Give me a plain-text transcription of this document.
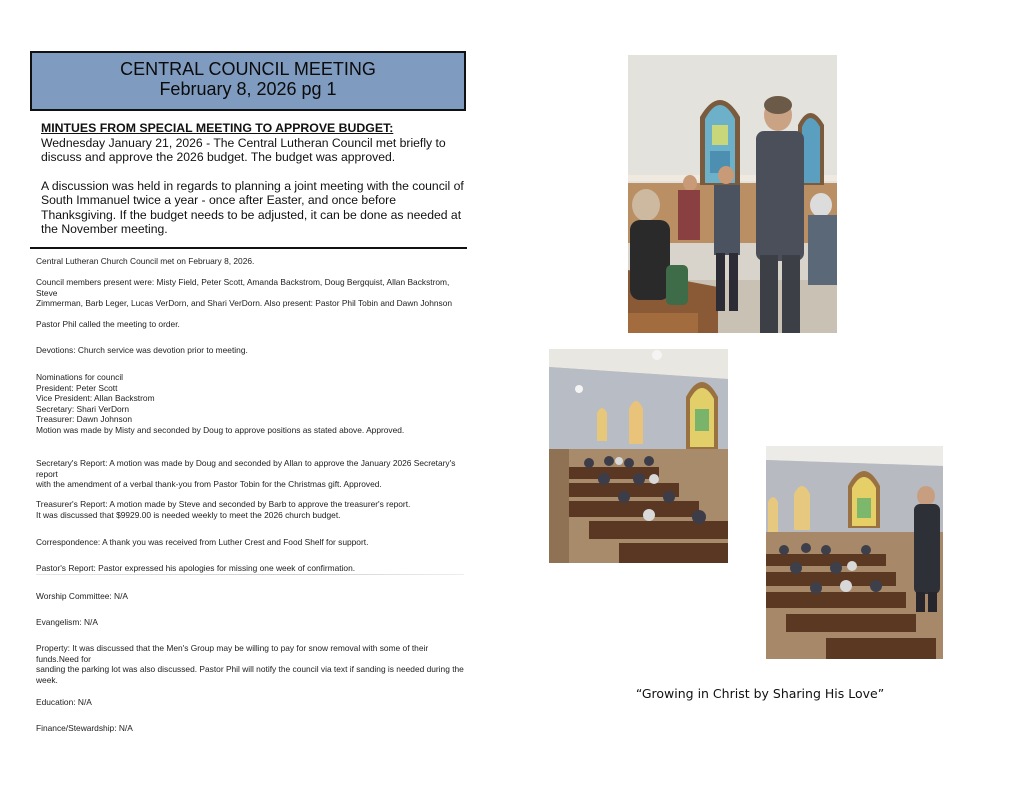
CENTRAL COUNCIL MEETING
February 8, 2026 pg 1
MINTUES FROM SPECIAL MEETING TO APPROVE BUDGET:

Wednesday January 21, 2026 - The Central Lutheran Council met briefly to

discuss and approve the 2026 budget. The budget was approved.

A discussion was held in regards to planning a joint meeting with the council of

South Immanuel twice a year - once after Easter, and once before

Thanksgiving. If the budget needs to be adjusted, it can be done as needed at

the November meeting.

Central Lutheran Church Council met on February 8, 2026.
Council members present were: Misty Field, Peter Scott, Amanda Backstrom, Doug Bergquist, Allan Backstrom, Steve
Zimmerman, Barb Leger, Lucas VerDorn, and Shari VerDorn. Also present: Pastor Phil Tobin and Dawn Johnson
Pastor Phil called the meeting to order.
Devotions: Church service was devotion prior to meeting.
Nominations for council
President: Peter Scott
Vice President: Allan Backstrom
Secretary: Shari VerDorn
Treasurer: Dawn Johnson
Motion was made by Misty and seconded by Doug to approve positions as stated above. Approved.
Secretary's Report: A motion was made by Doug and seconded by Allan to approve the January 2026 Secretary's report
with the amendment of a verbal thank-you from Pastor Tobin for the Christmas gift. Approved.
Treasurer's Report: A motion made by Steve and seconded by Barb to approve the treasurer's report.
It was discussed that $9929.00 is needed weekly to meet the 2026 church budget.
Correspondence: A thank you was received from Luther Crest and Food Shelf for support.
Pastor's Report: Pastor expressed his apologies for missing one week of confirmation.
Worship Committee: N/A
Evangelism: N/A
Property: It was discussed that the Men's Group may be willing to pay for snow removal with some of their funds.Need for
sanding the parking lot was also discussed. Pastor Phil will notify the council via text if sanding is needed during the
week.
Education: N/A
Finance/Stewardship: N/A
“Growing in Christ by Sharing His Love”
